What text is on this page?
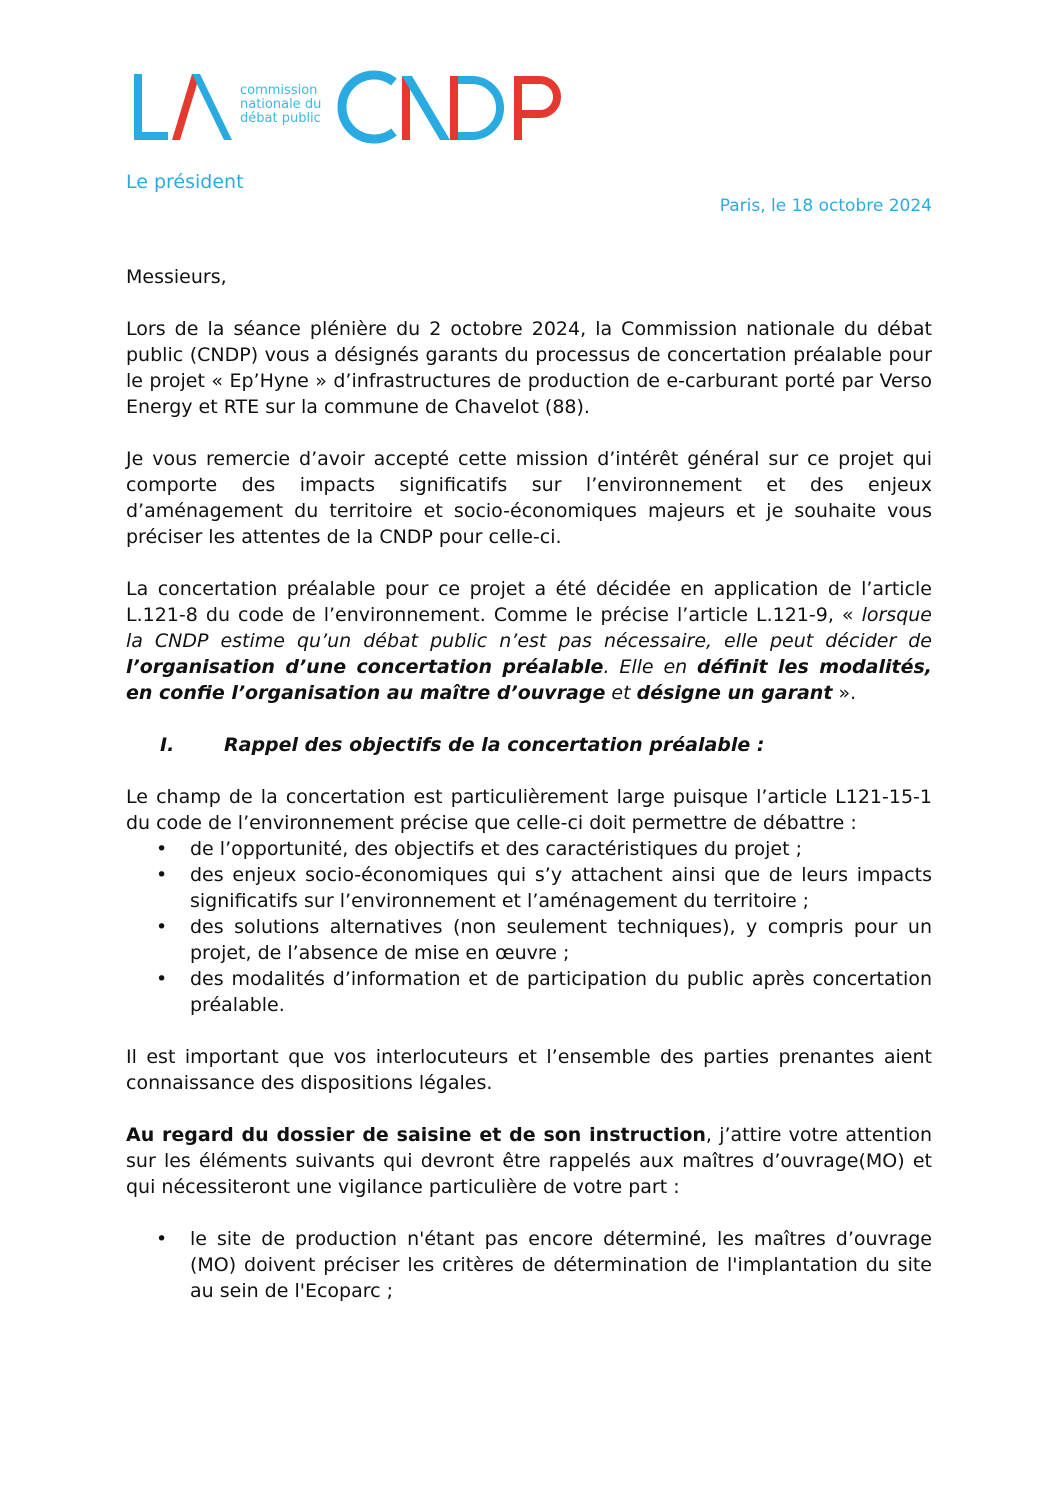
commission
nationale du
débat public
Le président
Paris, le 18 octobre 2024

Messieurs,

Lors de la séance plénière du 2 octobre 2024, la Commission nationale du débat public (CNDP) vous a désignés garants du processus de concertation préalable pour le projet « Ep’Hyne » d’infrastructures de production de e-carburant porté par Verso Energy et RTE sur la commune de Chavelot (88).

Je vous remercie d’avoir accepté cette mission d’intérêt général sur ce projet qui comporte des impacts significatifs sur l’environnement et des enjeux d’aménagement du territoire et socio-économiques majeurs et je souhaite vous préciser les attentes de la CNDP pour celle-ci.

La concertation préalable pour ce projet a été décidée en application de l’article L.121-8 du code de l’environnement. Comme le précise l’article L.121-9, « lorsque la CNDP estime qu’un débat public n’est pas nécessaire, elle peut décider de l’organisation d’une concertation préalable. Elle en définit les modalités, en confie l’organisation au maître d’ouvrage et désigne un garant ».

I.	Rappel des objectifs de la concertation préalable :

Le champ de la concertation est particulièrement large puisque l’article L121-15-1 du code de l’environnement précise que celle-ci doit permettre de débattre :

• de l’opportunité, des objectifs et des caractéristiques du projet ;
• des enjeux socio-économiques qui s’y attachent ainsi que de leurs impacts significatifs sur l’environnement et l’aménagement du territoire ;
• des solutions alternatives (non seulement techniques), y compris pour un projet, de l’absence de mise en œuvre ;
• des modalités d’information et de participation du public après concertation préalable.

Il est important que vos interlocuteurs et l’ensemble des parties prenantes aient connaissance des dispositions légales.

Au regard du dossier de saisine et de son instruction, j’attire votre attention sur les éléments suivants qui devront être rappelés aux maîtres d’ouvrage(MO) et qui nécessiteront une vigilance particulière de votre part :

• le site de production n'étant pas encore déterminé, les maîtres d’ouvrage (MO) doivent préciser les critères de détermination de l'implantation du site au sein de l'Ecoparc ;
